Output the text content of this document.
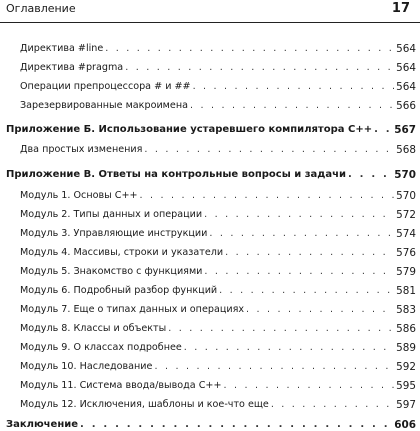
Оглавление	17
Директива #line . . .	564
Директива #pragma . . .	564
Операции препроцессора # и ## . . .	564
Зарезервированные макроимена . . .	566
Приложение Б. Использование устаревшего компилятора С++ . . . 567
Два простых изменения . . .	568
Приложение В. Ответы на контрольные вопросы и задачи . . .	570
Модуль 1. Основы С++ . . .	570
Модуль 2. Типы данных и операции . . .	572
Модуль 3. Управляющие инструкции . . .	574
Модуль 4. Массивы, строки и указатели . . .	576
Модуль 5. Знакомство с функциями . . .	579
Модуль 6. Подробный разбор функций . . .	581
Модуль 7. Еще о типах данных и операциях . . .	583
Модуль 8. Классы и объекты . . .	586
Модуль 9. О классах подробнее . . .	589
Модуль 10. Наследование . . .	592
Модуль 11. Система ввода/вывода С++ . . .	595
Модуль 12. Исключения, шаблоны и кое-что еще . . .	597
Заключение . . .	606
